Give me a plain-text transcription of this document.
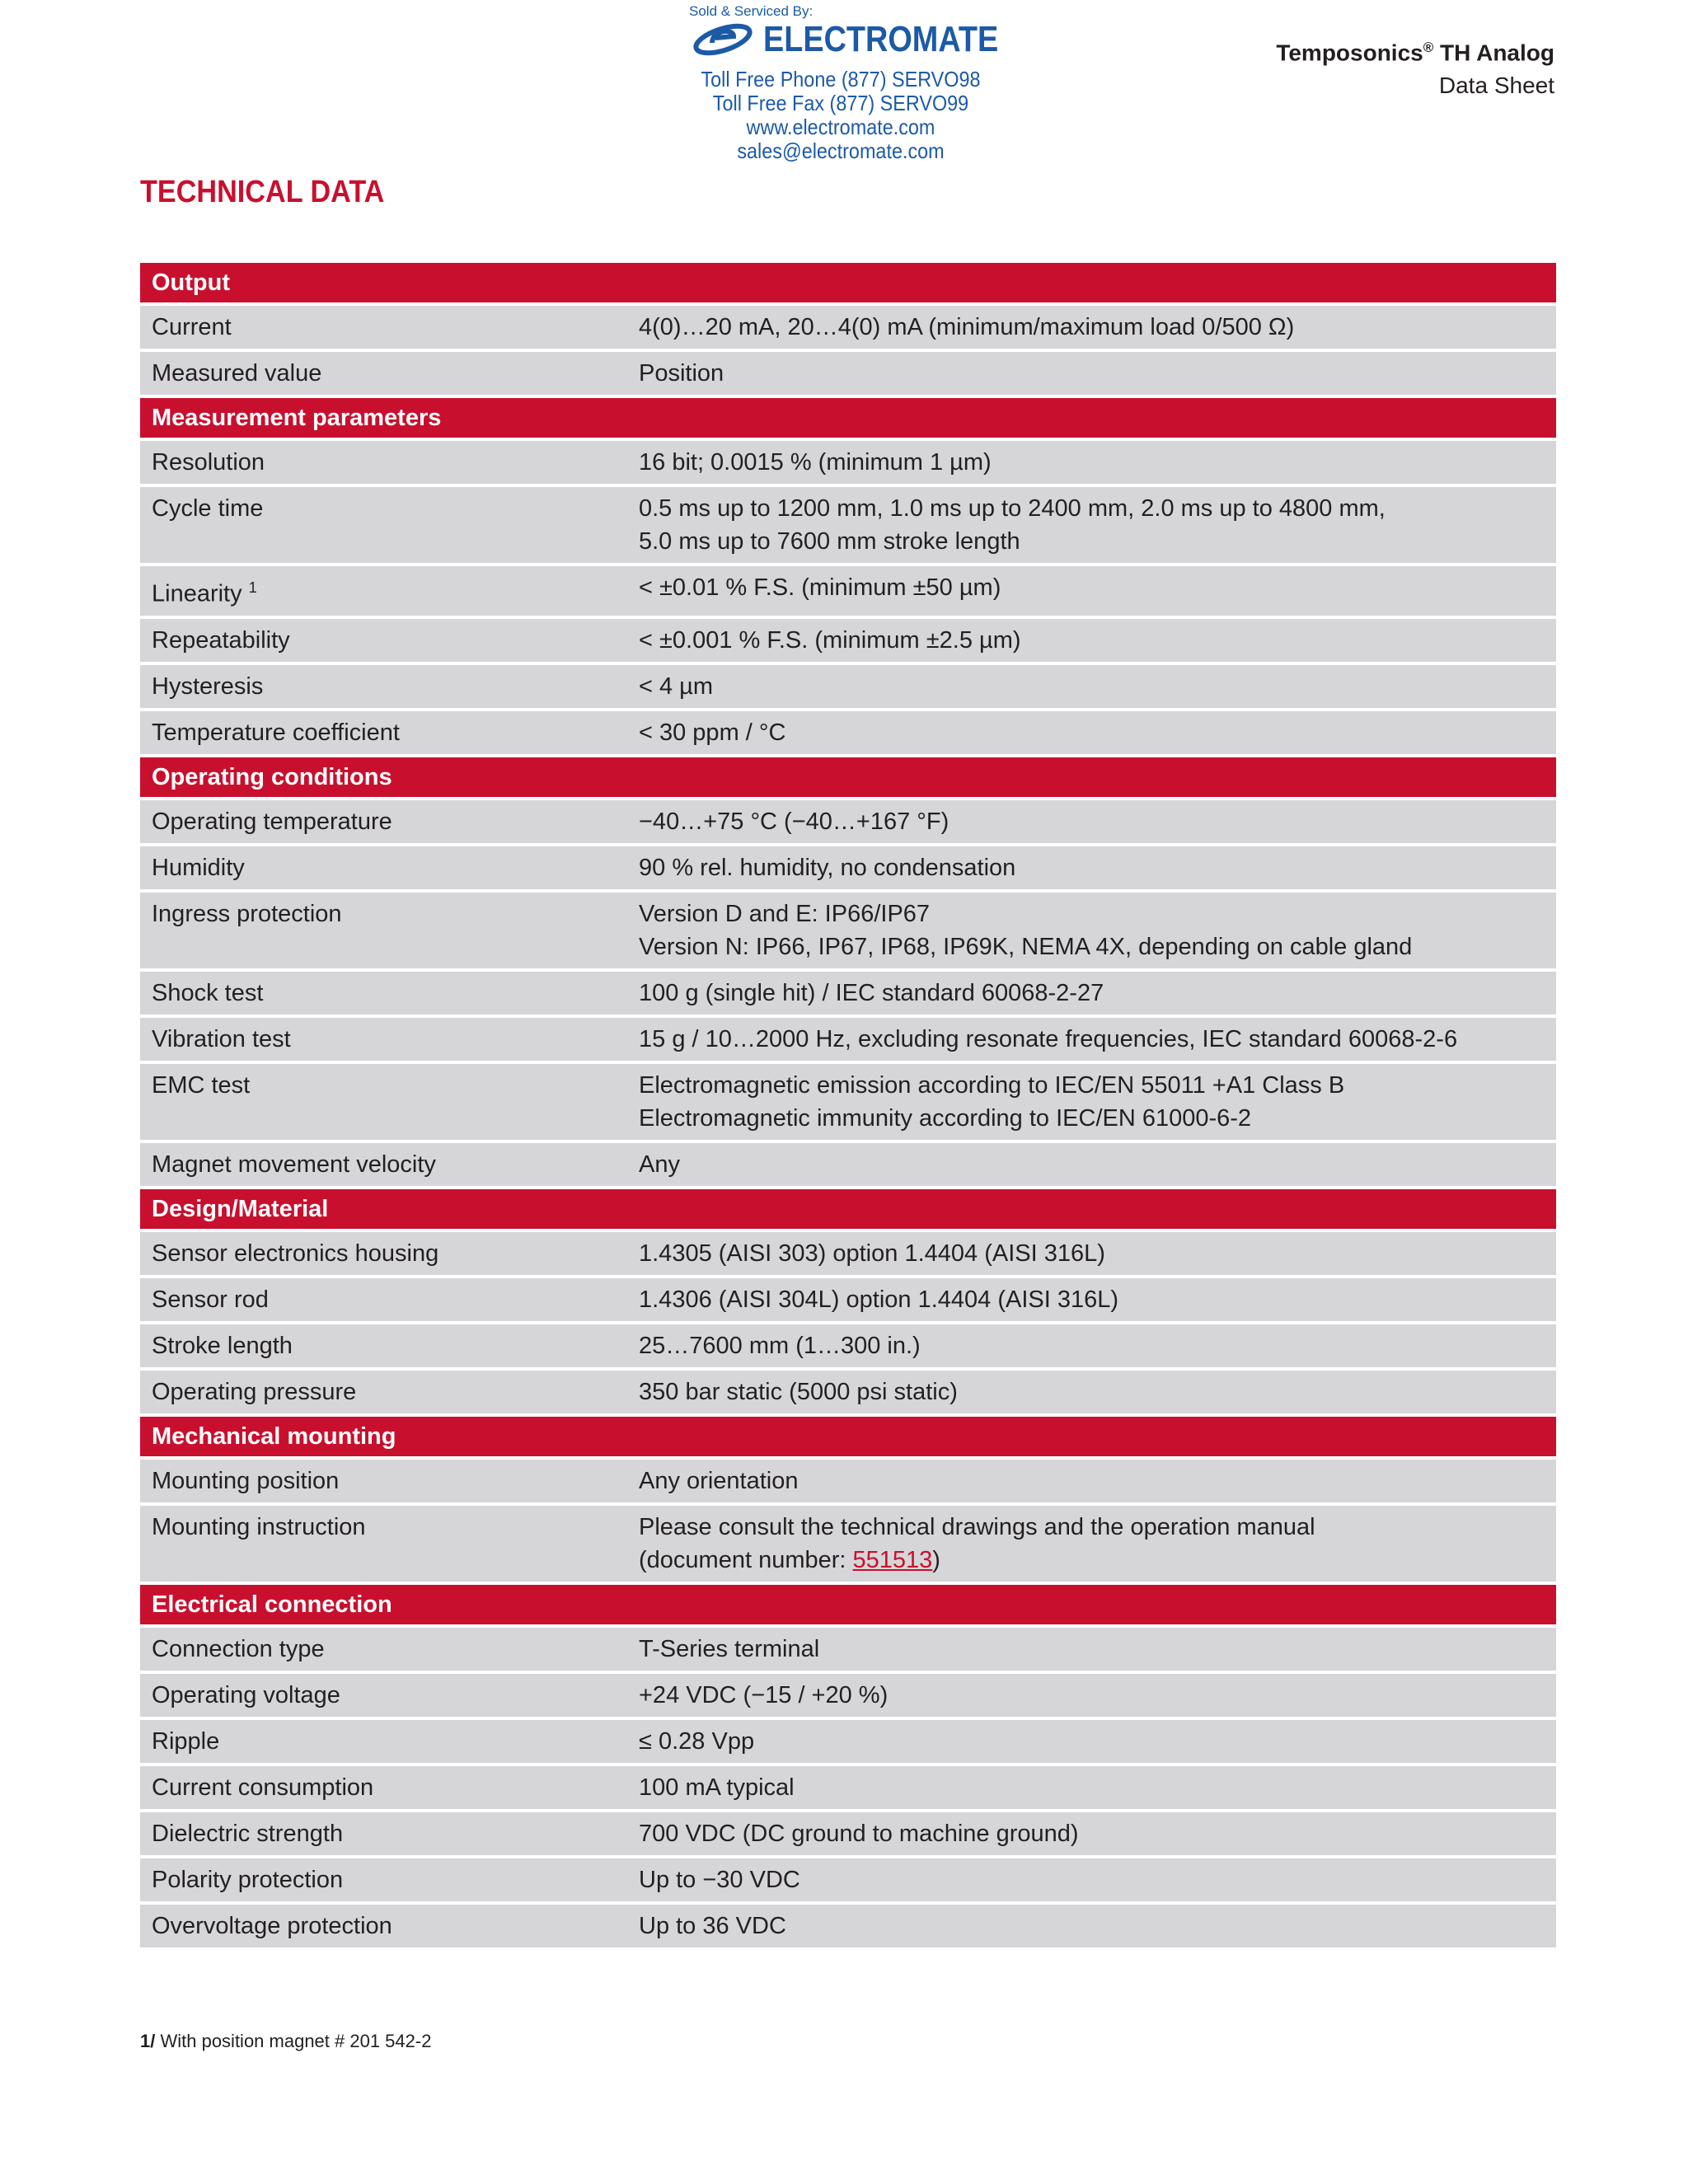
Sold & Serviced By:
ELECTROMATE
Toll Free Phone (877) SERVO98
Toll Free Fax (877) SERVO99
www.electromate.com
sales@electromate.com
Temposonics® TH Analog
Data Sheet
TECHNICAL DATA
Output	
Current	4(0)…20 mA, 20…4(0) mA (minimum/maximum load 0/500 Ω)
Measured value	Position
Measurement parameters	
Resolution	16 bit; 0.0015 % (minimum 1 µm)
Cycle time	0.5 ms up to 1200 mm, 1.0 ms up to 2400 mm, 2.0 ms up to 4800 mm,
5.0 ms up to 7600 mm stroke length

Linearity $^1$	< ±0.01 % F.S. (minimum ±50 µm)
Repeatability	< ±0.001 % F.S. (minimum ±2.5 µm)
Hysteresis	< 4 µm
Temperature coefficient	< 30 ppm / °C
Operating conditions	
Operating temperature	−40…+75 °C (−40…+167 °F)
Humidity	90 % rel. humidity, no condensation
Ingress protection	Version D and E: IP66/IP67
Version N: IP66, IP67, IP68, IP69K, NEMA 4X, depending on cable gland

Shock test	100 g (single hit) / IEC standard 60068-2-27
Vibration test	15 g / 10…2000 Hz, excluding resonate frequencies, IEC standard 60068-2-6
EMC test	Electromagnetic emission according to IEC/EN 55011 +A1 Class B
Electromagnetic immunity according to IEC/EN 61000-6-2

Magnet movement velocity	Any
Design/Material	
Sensor electronics housing	1.4305 (AISI 303) option 1.4404 (AISI 316L)
Sensor rod	1.4306 (AISI 304L) option 1.4404 (AISI 316L)
Stroke length	25…7600 mm (1…300 in.)
Operating pressure	350 bar static (5000 psi static)
Mechanical mounting	
Mounting position	Any orientation
Mounting instruction	Please consult the technical drawings and the operation manual
(document number: 551513)

Electrical connection	
Connection type	T-Series terminal
Operating voltage	+24 VDC (−15 / +20 %)
Ripple	≤ 0.28 Vpp
Current consumption	100 mA typical
Dielectric strength	700 VDC (DC ground to machine ground)
Polarity protection	Up to −30 VDC
Overvoltage protection	Up to 36 VDC
1/ With position magnet # 201 542-2
